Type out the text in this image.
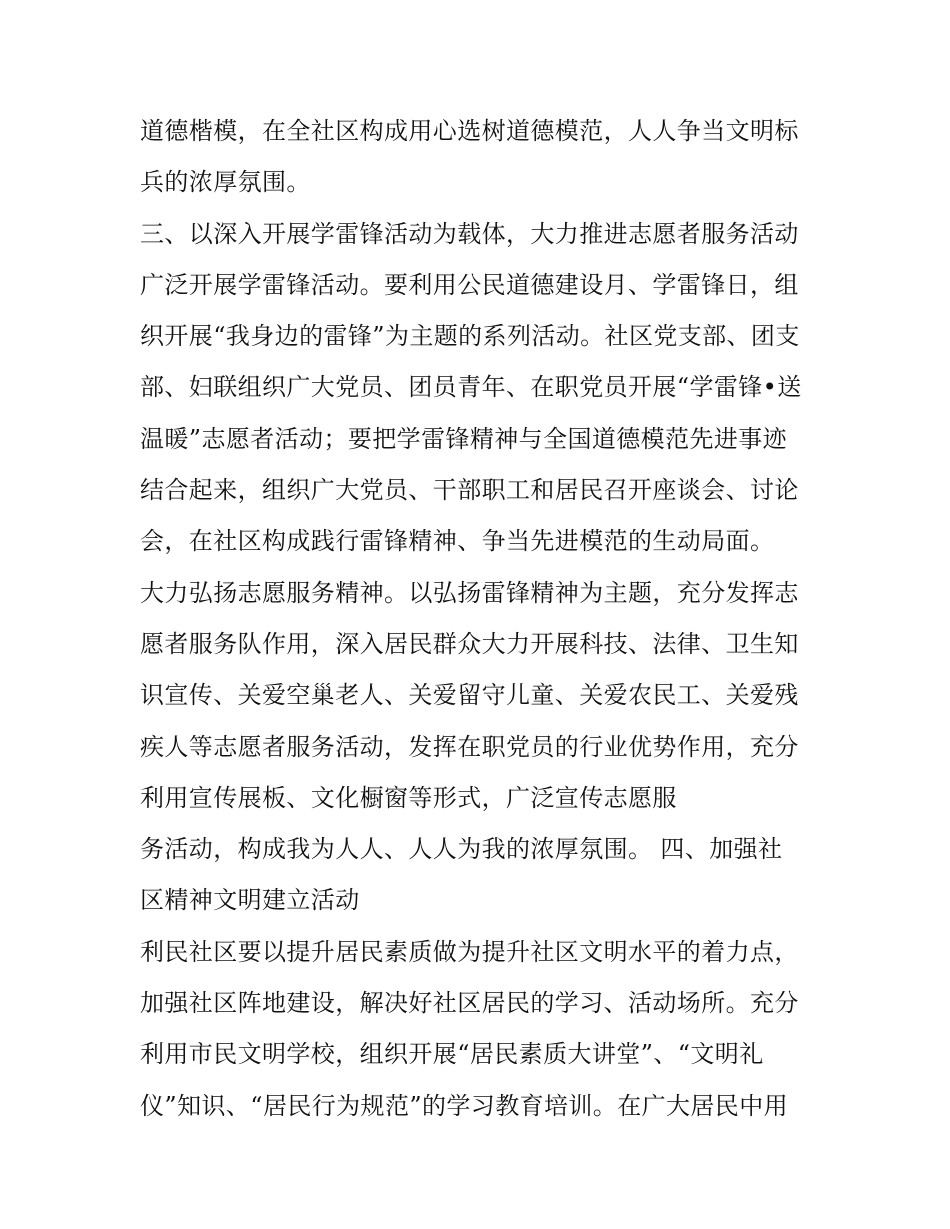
道德楷模，在全社区构成用心选树道德模范，人人争当文明标
兵的浓厚氛围。
三、以深入开展学雷锋活动为载体，大力推进志愿者服务活动
广泛开展学雷锋活动。要利用公民道德建设月、学雷锋日，组
织开展“我身边的雷锋”为主题的系列活动。社区党支部、团支
部、妇联组织广大党员、团员青年、在职党员开展“学雷锋•送
温暖”志愿者活动；要把学雷锋精神与全国道德模范先进事迹
结合起来，组织广大党员、干部职工和居民召开座谈会、讨论
会，在社区构成践行雷锋精神、争当先进模范的生动局面。
大力弘扬志愿服务精神。以弘扬雷锋精神为主题，充分发挥志
愿者服务队作用，深入居民群众大力开展科技、法律、卫生知
识宣传、关爱空巢老人、关爱留守儿童、关爱农民工、关爱残
疾人等志愿者服务活动，发挥在职党员的行业优势作用，充分
利用宣传展板、文化橱窗等形式，广泛宣传志愿服
务活动，构成我为人人、人人为我的浓厚氛围。 四、加强社
区精神文明建立活动
利民社区要以提升居民素质做为提升社区文明水平的着力点，
加强社区阵地建设，解决好社区居民的学习、活动场所。充分
利用市民文明学校，组织开展“居民素质大讲堂”、“文明礼
仪”知识、“居民行为规范”的学习教育培训。在广大居民中用
